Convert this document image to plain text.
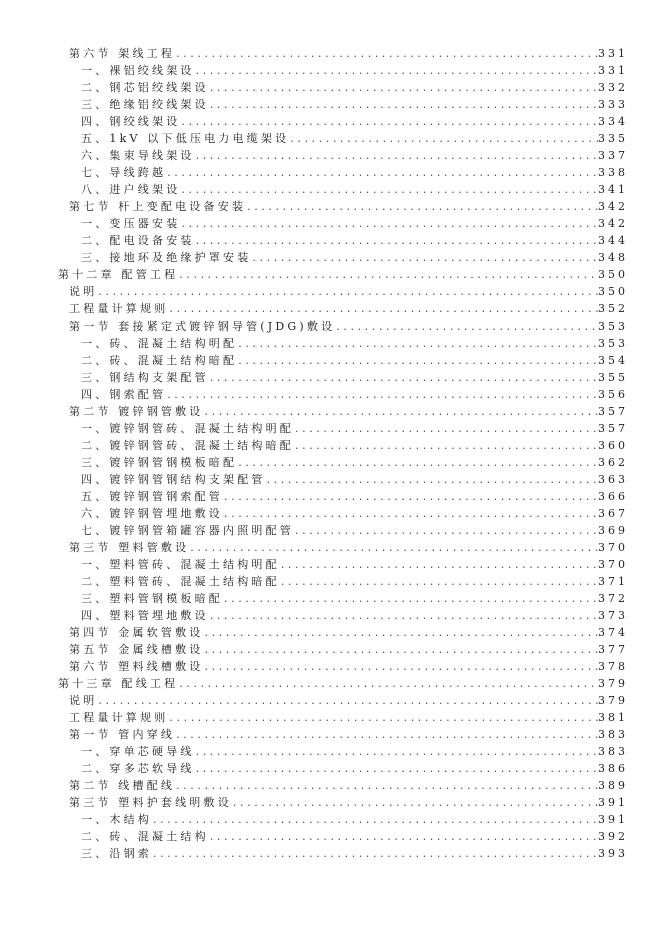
第六节 架线工程 .....	331
一、裸铝绞线架设 .....	331
二、钢芯铝绞线架设 .....	332
三、绝缘铝绞线架设 .....	333
四、钢绞线架设 .....	334
五、1kV 以下低压电力电缆架设 .....	335
六、集束导线架设 .....	337
七、导线跨越 .....	338
八、进户线架设 .....	341
第七节 杆上变配电设备安装 .....	342
一、变压器安装 .....	342
二、配电设备安装 .....	344
三、接地环及绝缘护罩安装 .....	348
第十二章 配管工程 .....	350
说明 .....	350
工程量计算规则 .....	352
第一节 套接紧定式镀锌钢导管(JDG)敷设 .....	353
一、砖、混凝土结构明配 .....	353
二、砖、混凝土结构暗配 .....	354
三、钢结构支架配管 .....	355
四、钢索配管 .....	356
第二节 镀锌钢管敷设 .....	357
一、镀锌钢管砖、混凝土结构明配 .....	357
二、镀锌钢管砖、混凝土结构暗配 .....	360
三、镀锌钢管钢模板暗配 .....	362
四、镀锌钢管钢结构支架配管 .....	363
五、镀锌钢管钢索配管 .....	366
六、镀锌钢管埋地敷设 .....	367
七、镀锌钢管箱罐容器内照明配管 .....	369
第三节 塑料管敷设 .....	370
一、塑料管砖、混凝土结构明配 .....	370
二、塑料管砖、混凝土结构暗配 .....	371
三、塑料管钢模板暗配 .....	372
四、塑料管埋地敷设 .....	373
第四节 金属软管敷设 .....	374
第五节 金属线槽敷设 .....	377
第六节 塑料线槽敷设 .....	378
第十三章 配线工程 .....	379
说明 .....	379
工程量计算规则 .....	381
第一节 管内穿线 .....	383
一、穿单芯硬导线 .....	383
二、穿多芯软导线 .....	386
第二节 线槽配线 .....	389
第三节 塑料护套线明敷设 .....	391
一、木结构 .....	391
二、砖、混凝土结构 .....	392
三、沿钢索 .....	393
